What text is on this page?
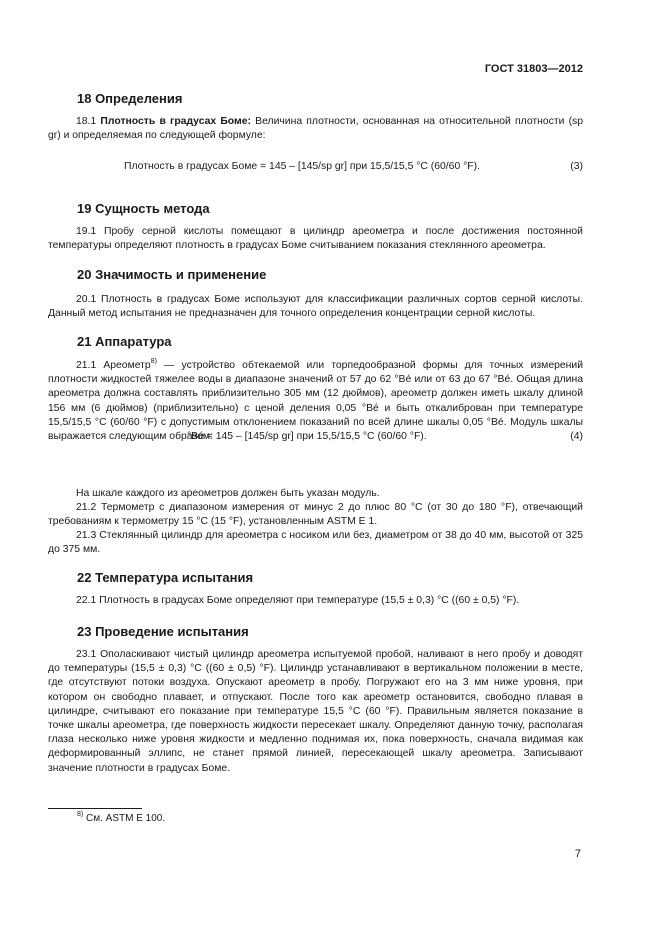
ГОСТ 31803—2012
18 Определения

18.1 Плотность в градусах Боме: Величина плотности, основанная на относительной плотности (sp gr) и определяемая по следующей формуле:

Плотность в градусах Боме = 145 – [145/sp gr] при 15,5/15,5 °С (60/60 °F).	(3)
19 Сущность метода

19.1 Пробу серной кислоты помещают в цилиндр ареометра и после достижения постоянной температуры определяют плотность в градусах Боме считыванием показания стеклянного ареометра.

20 Значимость и применение

20.1 Плотность в градусах Боме используют для классификации различных сортов серной кислоты. Данный метод испытания не предназначен для точного определения концентрации серной кислоты.

21 Аппаратура

21.1 Ареометр$^{8)}$ — устройство обтекаемой или торпедообразной формы для точных измерений плотности жидкостей тяжелее воды в диапазоне значений от 57 до 62 °Bé или от 63 до 67 °Bé. Общая длина ареометра должна составлять приблизительно 305 мм (12 дюймов), ареометр должен иметь шкалу длиной 156 мм (6 дюймов) (приблизительно) с ценой деления 0,05 °Bé и быть откалиброван при температуре 15,5/15,5 °С (60/60 °F) с допустимым отклонением показаний по всей длине шкалы 0,05 °Bé. Модуль шкалы выражается следующим образом:

°Bé = 145 – [145/sp gr] при 15,5/15,5 °С (60/60 °F).	(4)

На шкале каждого из ареометров должен быть указан модуль.

21.2 Термометр с диапазоном измерения от минус 2 до плюс 80 °С (от 30 до 180 °F), отвечающий требованиям к термометру 15 °С (15 °F), установленным ASTM E 1.

21.3 Стеклянный цилиндр для ареометра с носиком или без, диаметром от 38 до 40 мм, высотой от 325 до 375 мм.

22 Температура испытания

22.1 Плотность в градусах Боме определяют при температуре (15,5 ± 0,3) °С ((60 ± 0,5) °F).

23 Проведение испытания

23.1 Ополаскивают чистый цилиндр ареометра испытуемой пробой, наливают в него пробу и доводят до температуры (15,5 ± 0,3) °С ((60 ± 0,5) °F). Цилиндр устанавливают в вертикальном положении в месте, где отсутствуют потоки воздуха. Опускают ареометр в пробу. Погружают его на 3 мм ниже уровня, при котором он свободно плавает, и отпускают. После того как ареометр остановится, свободно плавая в цилиндре, считывают его показание при температуре 15,5 °С (60 °F). Правильным является показание в точке шкалы ареометра, где поверхность жидкости пересекает шкалу. Определяют данную точку, располагая глаза несколько ниже уровня жидкости и медленно поднимая их, пока поверхность, сначала видимая как деформированный эллипс, не станет прямой линией, пересекающей шкалу ареометра. Записывают значение плотности в градусах Боме.

$^{8)}$ См. ASTM E 100.
7
